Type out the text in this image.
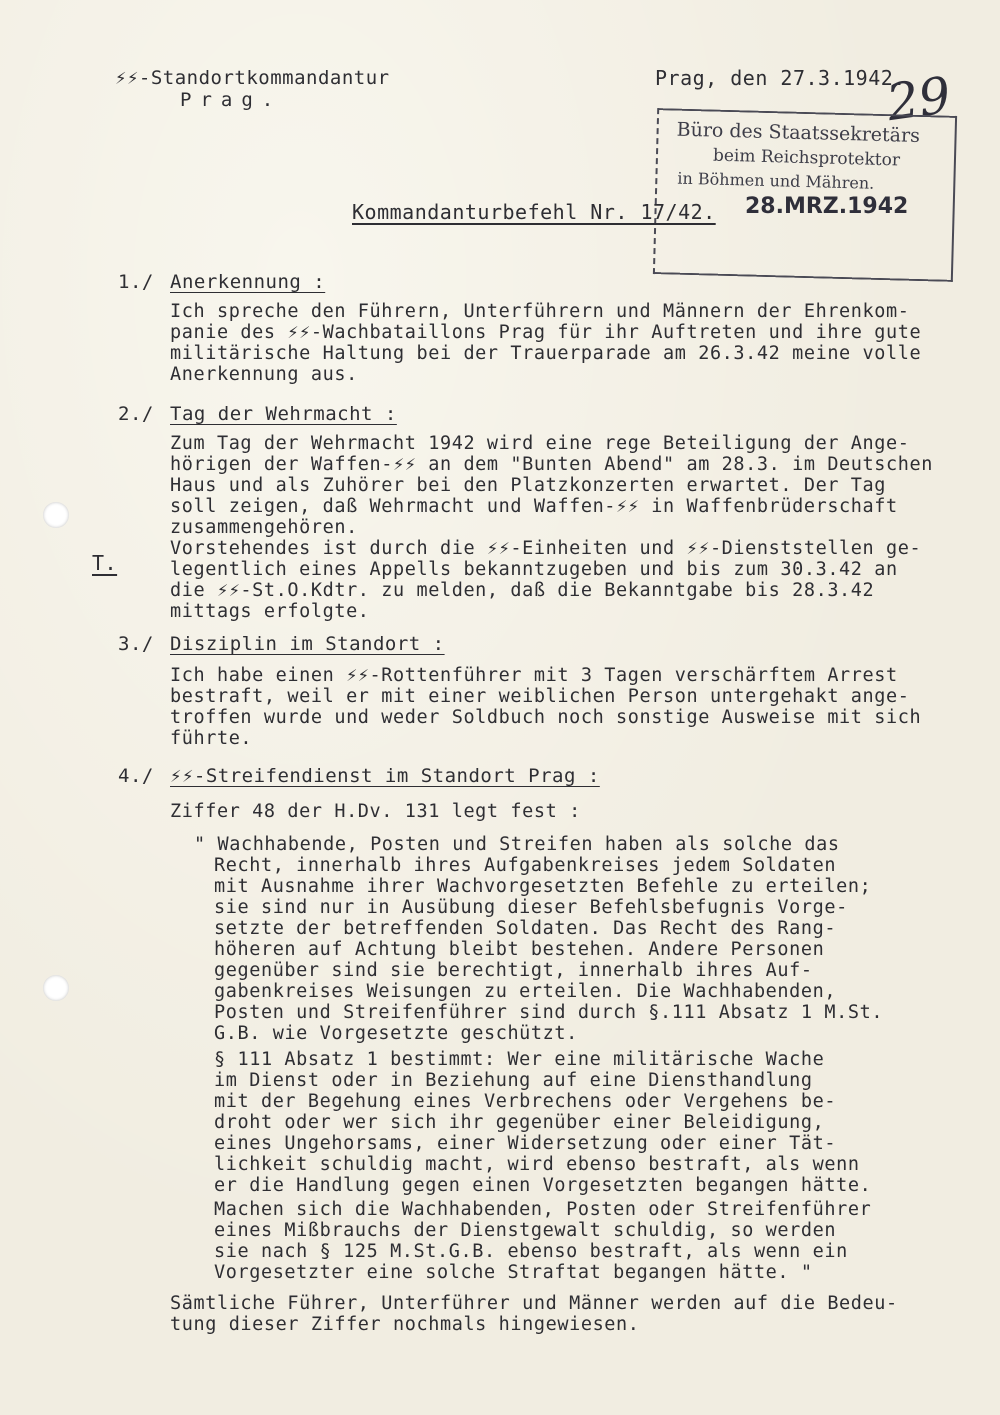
⚡⚡-Standortkommandantur
Prag.
Prag, den 27.3.1942.
29
Büro des Staatssekretärs
beim Reichsprotektor
in Böhmen und Mähren.
Kommandanturbefehl Nr. 17/42. 28.MRZ.1942
1./ Anerkennung :
Ich spreche den Führern, Unterführern und Männern der Ehrenkom-
panie des ⚡⚡-Wachbataillons Prag für ihr Auftreten und ihre gute
militärische Haltung bei der Trauerparade am 26.3.42 meine volle
Anerkennung aus.
2./ Tag der Wehrmacht :
Zum Tag der Wehrmacht 1942 wird eine rege Beteiligung der Ange-
hörigen der Waffen-⚡⚡ an dem "Bunten Abend" am 28.3. im Deutschen
Haus und als Zuhörer bei den Platzkonzerten erwartet. Der Tag
soll zeigen, daß Wehrmacht und Waffen-⚡⚡ in Waffenbrüderschaft
zusammengehören.
Vorstehendes ist durch die ⚡⚡-Einheiten und ⚡⚡-Dienststellen ge-
legentlich eines Appells bekanntzugeben und bis zum 30.3.42 an
die ⚡⚡-St.O.Kdtr. zu melden, daß die Bekanntgabe bis 28.3.42
mittags erfolgte.
T.
3./ Disziplin im Standort :
Ich habe einen ⚡⚡-Rottenführer mit 3 Tagen verschärftem Arrest
bestraft, weil er mit einer weiblichen Person untergehakt ange-
troffen wurde und weder Soldbuch noch sonstige Ausweise mit sich
führte.
4./ ⚡⚡-Streifendienst im Standort Prag :
Ziffer 48 der H.Dv. 131 legt fest :
" Wachhabende, Posten und Streifen haben als solche das
Recht, innerhalb ihres Aufgabenkreises jedem Soldaten
mit Ausnahme ihrer Wachvorgesetzten Befehle zu erteilen;
sie sind nur in Ausübung dieser Befehlsbefugnis Vorge-
setzte der betreffenden Soldaten. Das Recht des Rang-
höheren auf Achtung bleibt bestehen. Andere Personen
gegenüber sind sie berechtigt, innerhalb ihres Auf-
gabenkreises Weisungen zu erteilen. Die Wachhabenden,
Posten und Streifenführer sind durch §.111 Absatz 1 M.St.
G.B. wie Vorgesetzte geschützt.
§ 111 Absatz 1 bestimmt: Wer eine militärische Wache
im Dienst oder in Beziehung auf eine Diensthandlung
mit der Begehung eines Verbrechens oder Vergehens be-
droht oder wer sich ihr gegenüber einer Beleidigung,
eines Ungehorsams, einer Widersetzung oder einer Tät-
lichkeit schuldig macht, wird ebenso bestraft, als wenn
er die Handlung gegen einen Vorgesetzten begangen hätte.
Machen sich die Wachhabenden, Posten oder Streifenführer
eines Mißbrauchs der Dienstgewalt schuldig, so werden
sie nach § 125 M.St.G.B. ebenso bestraft, als wenn ein
Vorgesetzter eine solche Straftat begangen hätte. "
Sämtliche Führer, Unterführer und Männer werden auf die Bedeu-
tung dieser Ziffer nochmals hingewiesen.
